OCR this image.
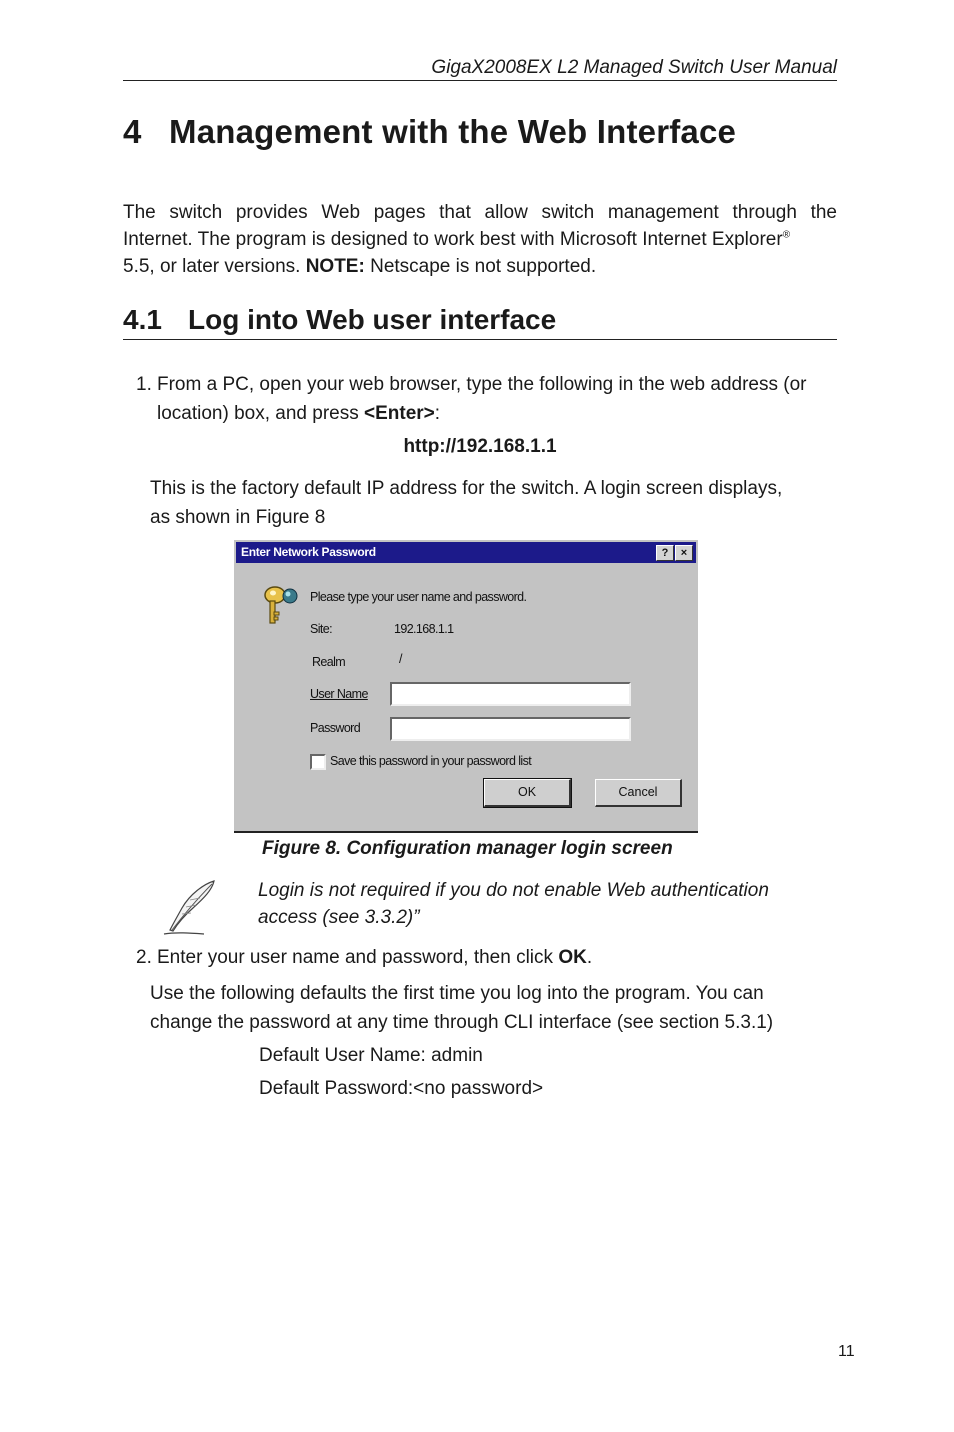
GigaX2008EX L2 Managed Switch User Manual
4 Management with the Web Interface
The switch provides Web pages that allow switch management through the
Internet. The program is designed to work best with Microsoft Internet Explorer®
5.5, or later versions. NOTE: Netscape is not supported.
4.1 Log into Web user interface
1. From a PC, open your web browser, type the following in the web address (or
location) box, and press <Enter>:
http://192.168.1.1
This is the factory default IP address for the switch. A login screen displays,
as shown in Figure 8
Enter Network Password	?	×
Please type your user name and password.
Site:	192.168.1.1
Realm	/
User Name
Password
Save this password in your password list
OK	Cancel
Figure 8. Configuration manager login screen
Login is not required if you do not enable Web authentication
access (see 3.3.2)”
2. Enter your user name and password, then click OK.
Use the following defaults the first time you log into the program. You can
change the password at any time through CLI interface (see section 5.3.1)
Default User Name: admin
Default Password:<no password>
11
